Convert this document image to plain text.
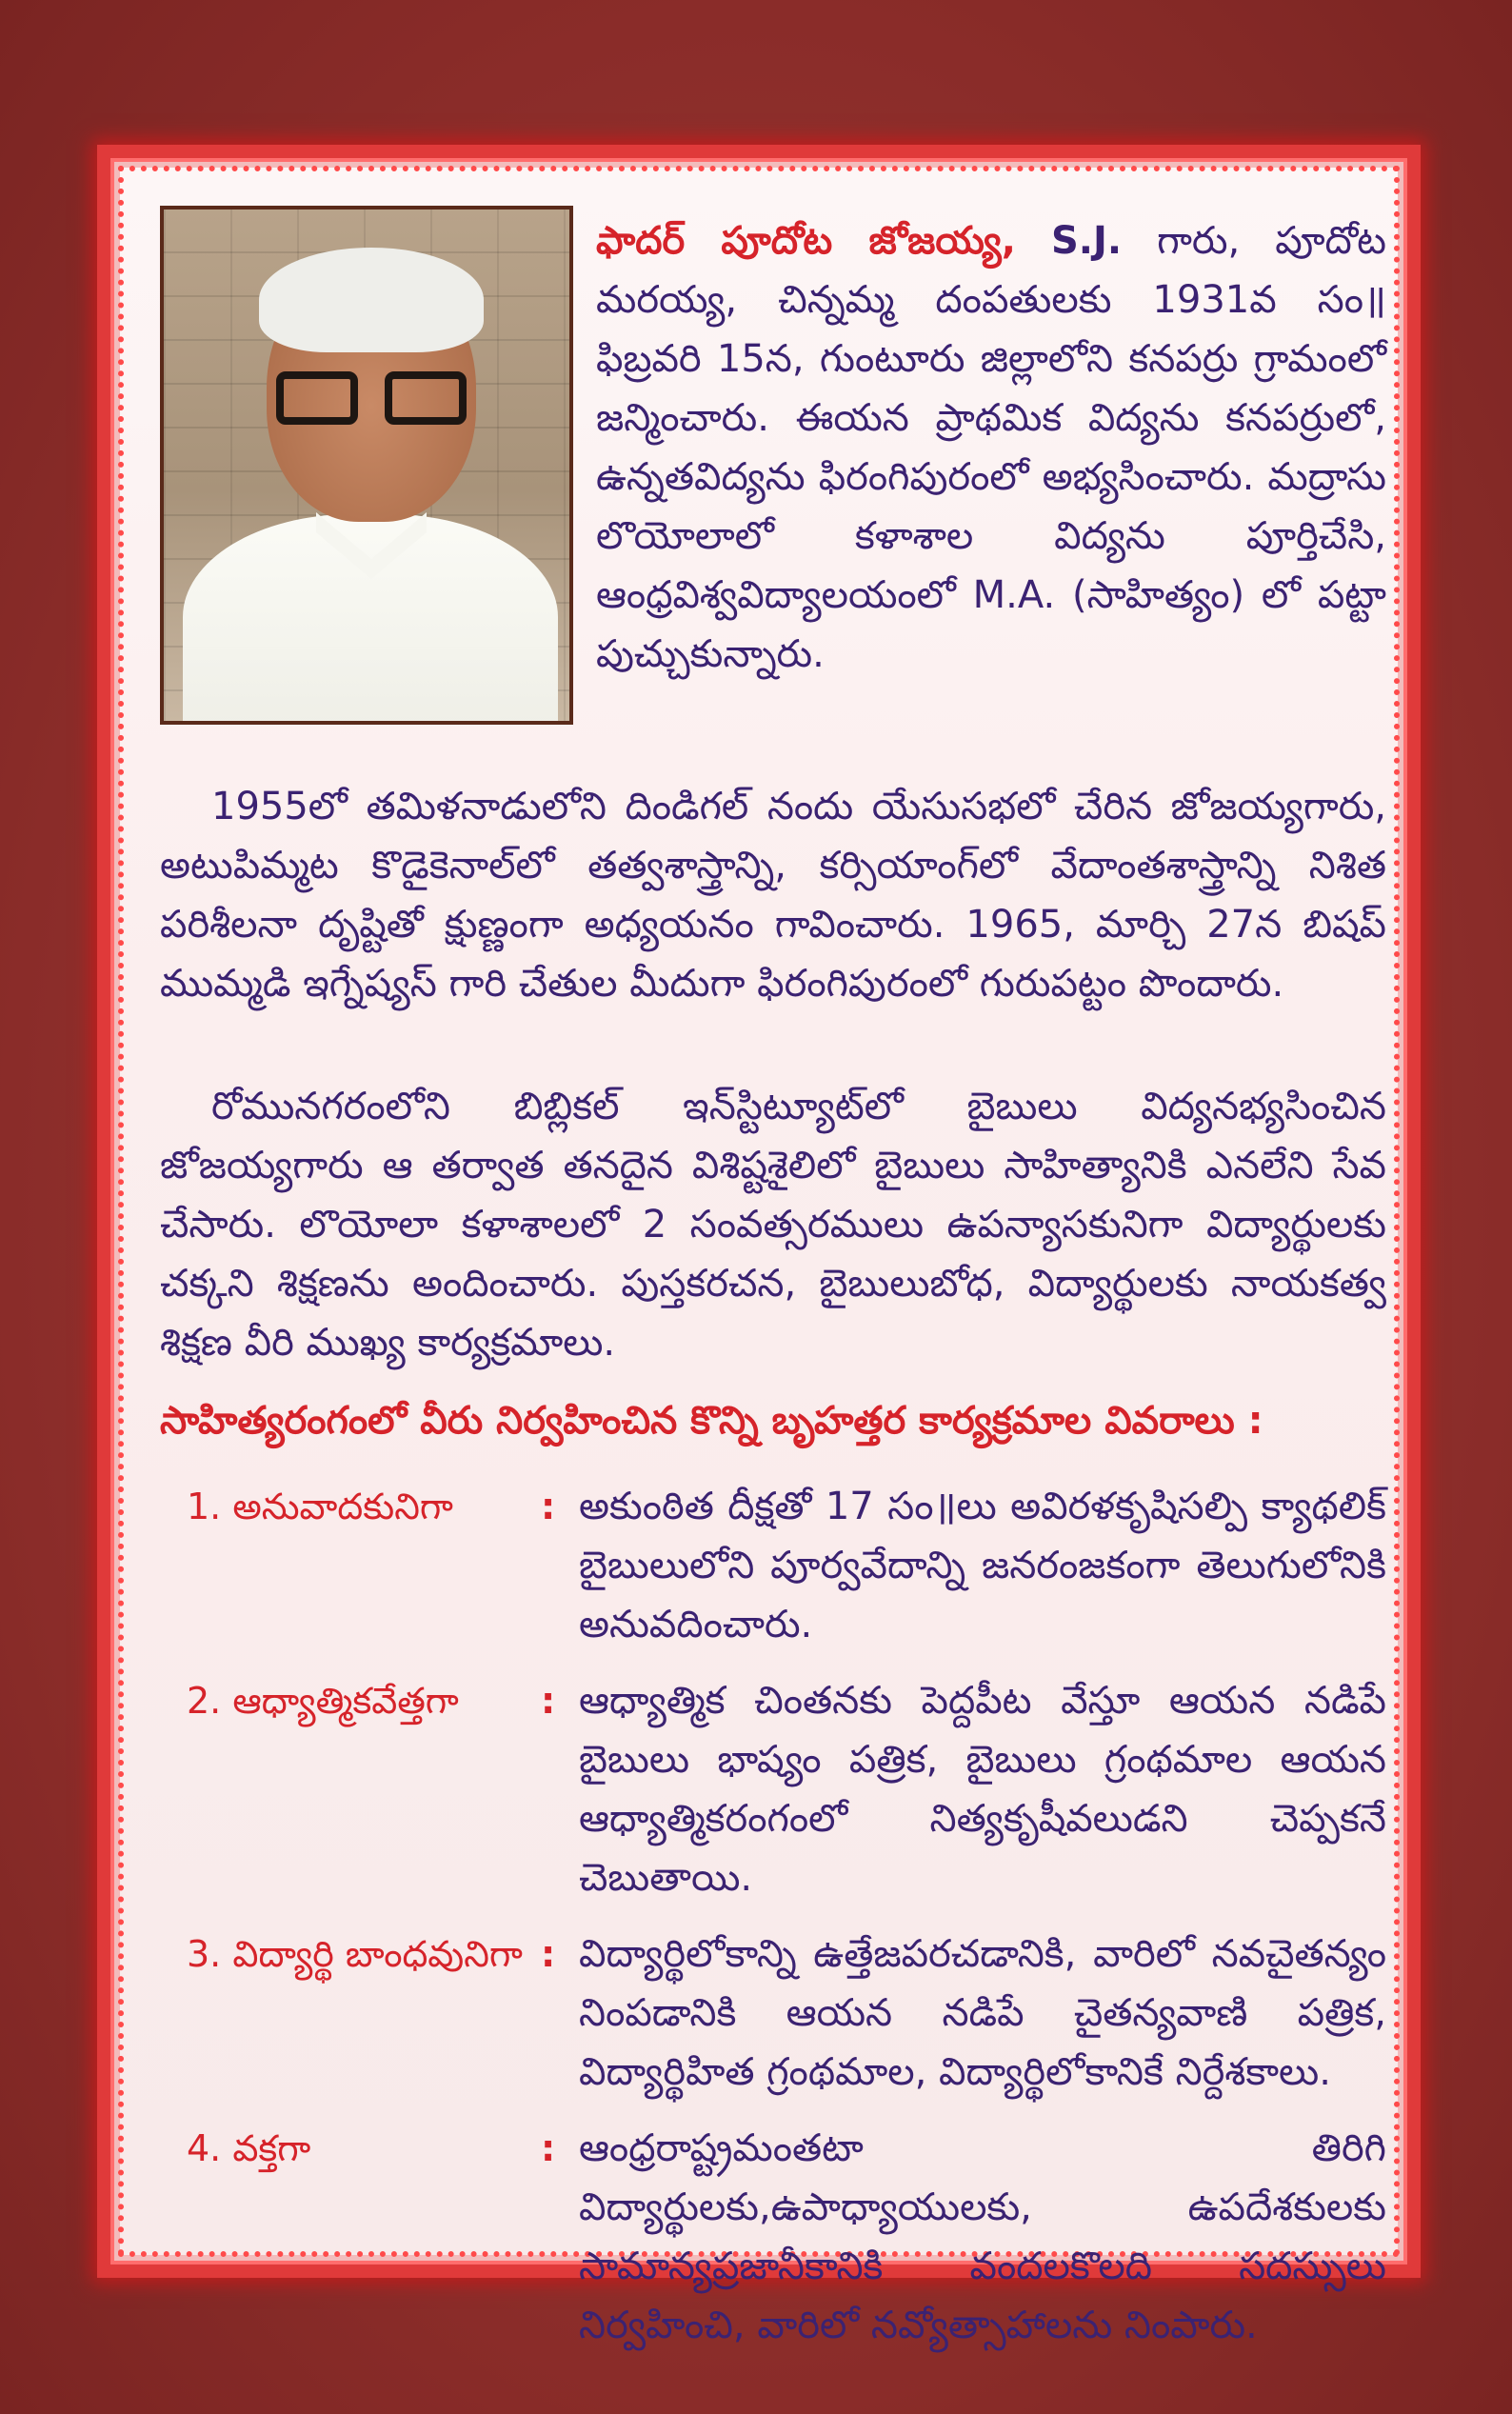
ఫాదర్ పూదోట జోజయ్య, S.J. గారు, పూదోట మరయ్య, చిన్నమ్మ దంపతులకు 1931వ సం॥ ఫిబ్రవరి 15న, గుంటూరు జిల్లాలోని కనపర్రు గ్రామంలో జన్మించారు. ఈయన ప్రాథమిక విద్యను కనపర్రులో, ఉన్నతవిద్యను ఫిరంగిపురంలో అభ్యసించారు. మద్రాసు లొయోలాలో కళాశాల విద్యను పూర్తిచేసి, ఆంధ్రవిశ్వవిద్యాలయంలో M.A. (సాహిత్యం) లో పట్టా పుచ్చుకున్నారు.
1955లో తమిళనాడులోని దిండిగల్ నందు యేసుసభలో చేరిన జోజయ్యగారు, అటుపిమ్మట కొడైకెనాల్‌లో తత్వశాస్త్రాన్ని, కర్సియాంగ్‌లో వేదాంతశాస్త్రాన్ని నిశిత పరిశీలనా దృష్టితో క్షుణ్ణంగా అధ్యయనం గావించారు. 1965, మార్చి 27న బిషప్ ముమ్మడి ఇగ్నేష్యస్ గారి చేతుల మీదుగా ఫిరంగిపురంలో గురుపట్టం పొందారు.
రోమునగరంలోని బిబ్లికల్ ఇన్‌స్టిట్యూట్‌లో బైబులు విద్యనభ్యసించిన జోజయ్యగారు ఆ తర్వాత తనదైన విశిష్టశైలిలో బైబులు సాహిత్యానికి ఎనలేని సేవ చేసారు. లొయోలా కళాశాలలో 2 సంవత్సరములు ఉపన్యాసకునిగా విద్యార్థులకు చక్కని శిక్షణను అందించారు. పుస్తకరచన, బైబులుబోధ, విద్యార్థులకు నాయకత్వ శిక్షణ వీరి ముఖ్య కార్యక్రమాలు.
సాహిత్యరంగంలో వీరు నిర్వహించిన కొన్ని బృహత్తర కార్యక్రమాల వివరాలు :
1. అనువాదకునిగా	: అకుంఠిత దీక్షతో 17 సం॥లు అవిరళకృషిసల్పి క్యాథలిక్ బైబులులోని పూర్వవేదాన్ని జనరంజకంగా తెలుగులోనికి అనువదించారు.
2. ఆధ్యాత్మికవేత్తగా	: ఆధ్యాత్మిక చింతనకు పెద్దపీట వేస్తూ ఆయన నడిపే బైబులు భాష్యం పత్రిక, బైబులు గ్రంథమాల ఆయన ఆధ్యాత్మికరంగంలో నిత్యకృషీవలుడని చెప్పకనే చెబుతాయి.
3. విద్యార్థి బాంధవునిగా : విద్యార్థిలోకాన్ని ఉత్తేజపరచడానికి, వారిలో నవచైతన్యం నింపడానికి ఆయన నడిపే చైతన్యవాణి పత్రిక, విద్యార్థిహిత గ్రంథమాల, విద్యార్థిలోకానికే నిర్దేశకాలు.
4. వక్తగా	: ఆంధ్రరాష్ట్రమంతటా తిరిగి విద్యార్థులకు,ఉపాధ్యాయులకు, ఉపదేశకులకు సామాన్యప్రజానీకానికి వందలకొలది సదస్సులు నిర్వహించి, వారిలో నవ్యోత్సాహాలను నింపారు.
